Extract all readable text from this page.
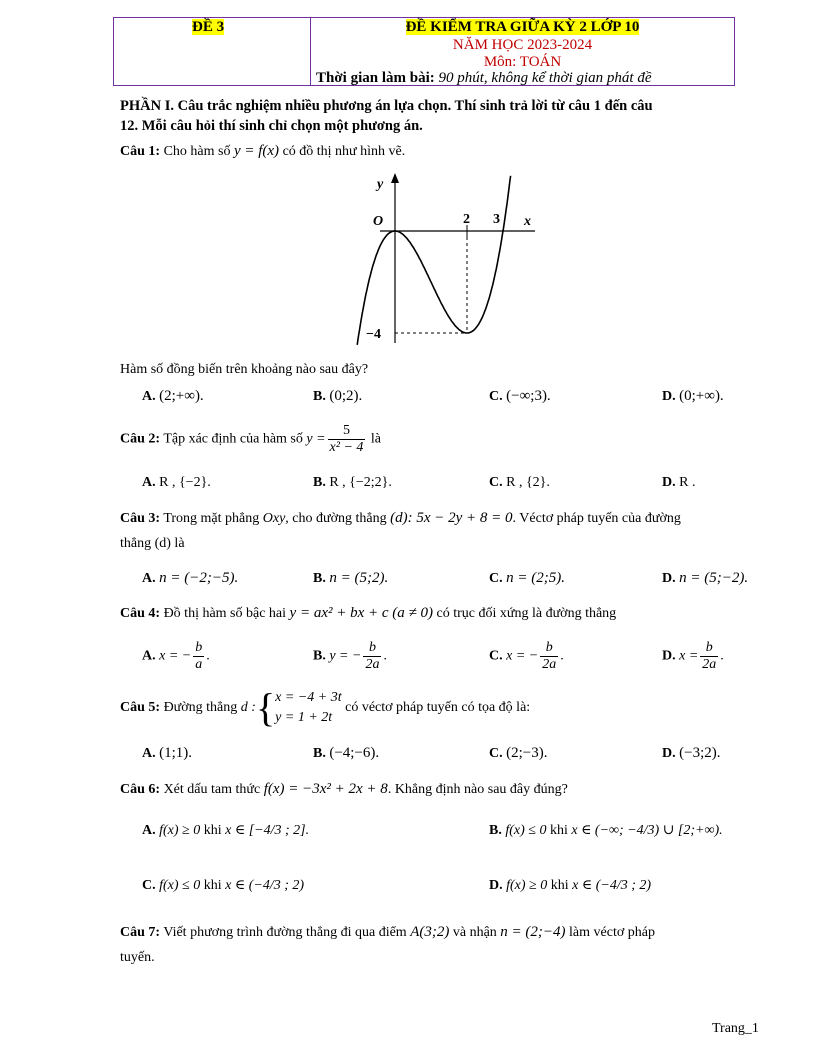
ĐỀ 3	ĐỀ KIỂM TRA GIỮA KỲ 2 LỚP 10
NĂM HỌC 2023-2024
Môn: TOÁN
Thời gian làm bài: 90 phút, không kể thời gian phát đề
PHẦN I. Câu trắc nghiệm nhiều phương án lựa chọn. Thí sinh trả lời từ câu 1 đến câu
12. Mỗi câu hỏi thí sinh chỉ chọn một phương án.
Câu 1: Cho hàm số y = f(x) có đồ thị như hình vẽ.
y
x
O	2 3
−4
Hàm số đồng biến trên khoảng nào sau đây?
A. (2;+∞).	B. (0;2).	C. (−∞;3).	D. (0;+∞).
Câu 2: Tập xác định của hàm số $y = \frac{5}{\text{x² − 4}}$ là
A. R , {−2}.	B. R , {−2;2}.	C. R , {2}.	D. R .
Câu 3: Trong mặt phẳng Oxy, cho đường thẳng (d): 5x − 2y + 8 = 0. Véctơ pháp tuyến của đường
thẳng (d) là
A. n = (−2;−5).	B. n = (5;2).	C. n = (2;5).	D. n = (5;−2).
Câu 4: Đồ thị hàm số bậc hai y = ax² + bx + c (a ≠ 0) có trục đối xứng là đường thẳng
A. x = − $\frac{b}{a}$ .	B. y = − $\frac{b}{2a}$ .	C. x = − $\frac{b}{2a}$ .	D. $x = \frac{b}{2a}$ .
Câu 5: Đường thẳng d :{ x = −4 + 3t
y = 1 + 2t
có véctơ pháp tuyến có tọa độ là:
A. (1;1).	B. (−4;−6).	C. (2;−3).	D. (−3;2).
Câu 6: Xét dấu tam thức f(x) = −3x² + 2x + 8. Khẳng định nào sau đây đúng?
A. f(x) ≥ 0 khi x ∈ [−4/3 ; 2].	B. f(x) ≤ 0 khi x ∈ (−∞; −4/3) ∪ [2;+∞).
C. f(x) ≤ 0 khi x ∈ (−4/3 ; 2)	D. f(x) ≥ 0 khi x ∈ (−4/3 ; 2)
Câu 7: Viết phương trình đường thẳng đi qua điểm A(3;2) và nhận n = (2;−4) làm véctơ pháp
tuyến.
Trang_1
